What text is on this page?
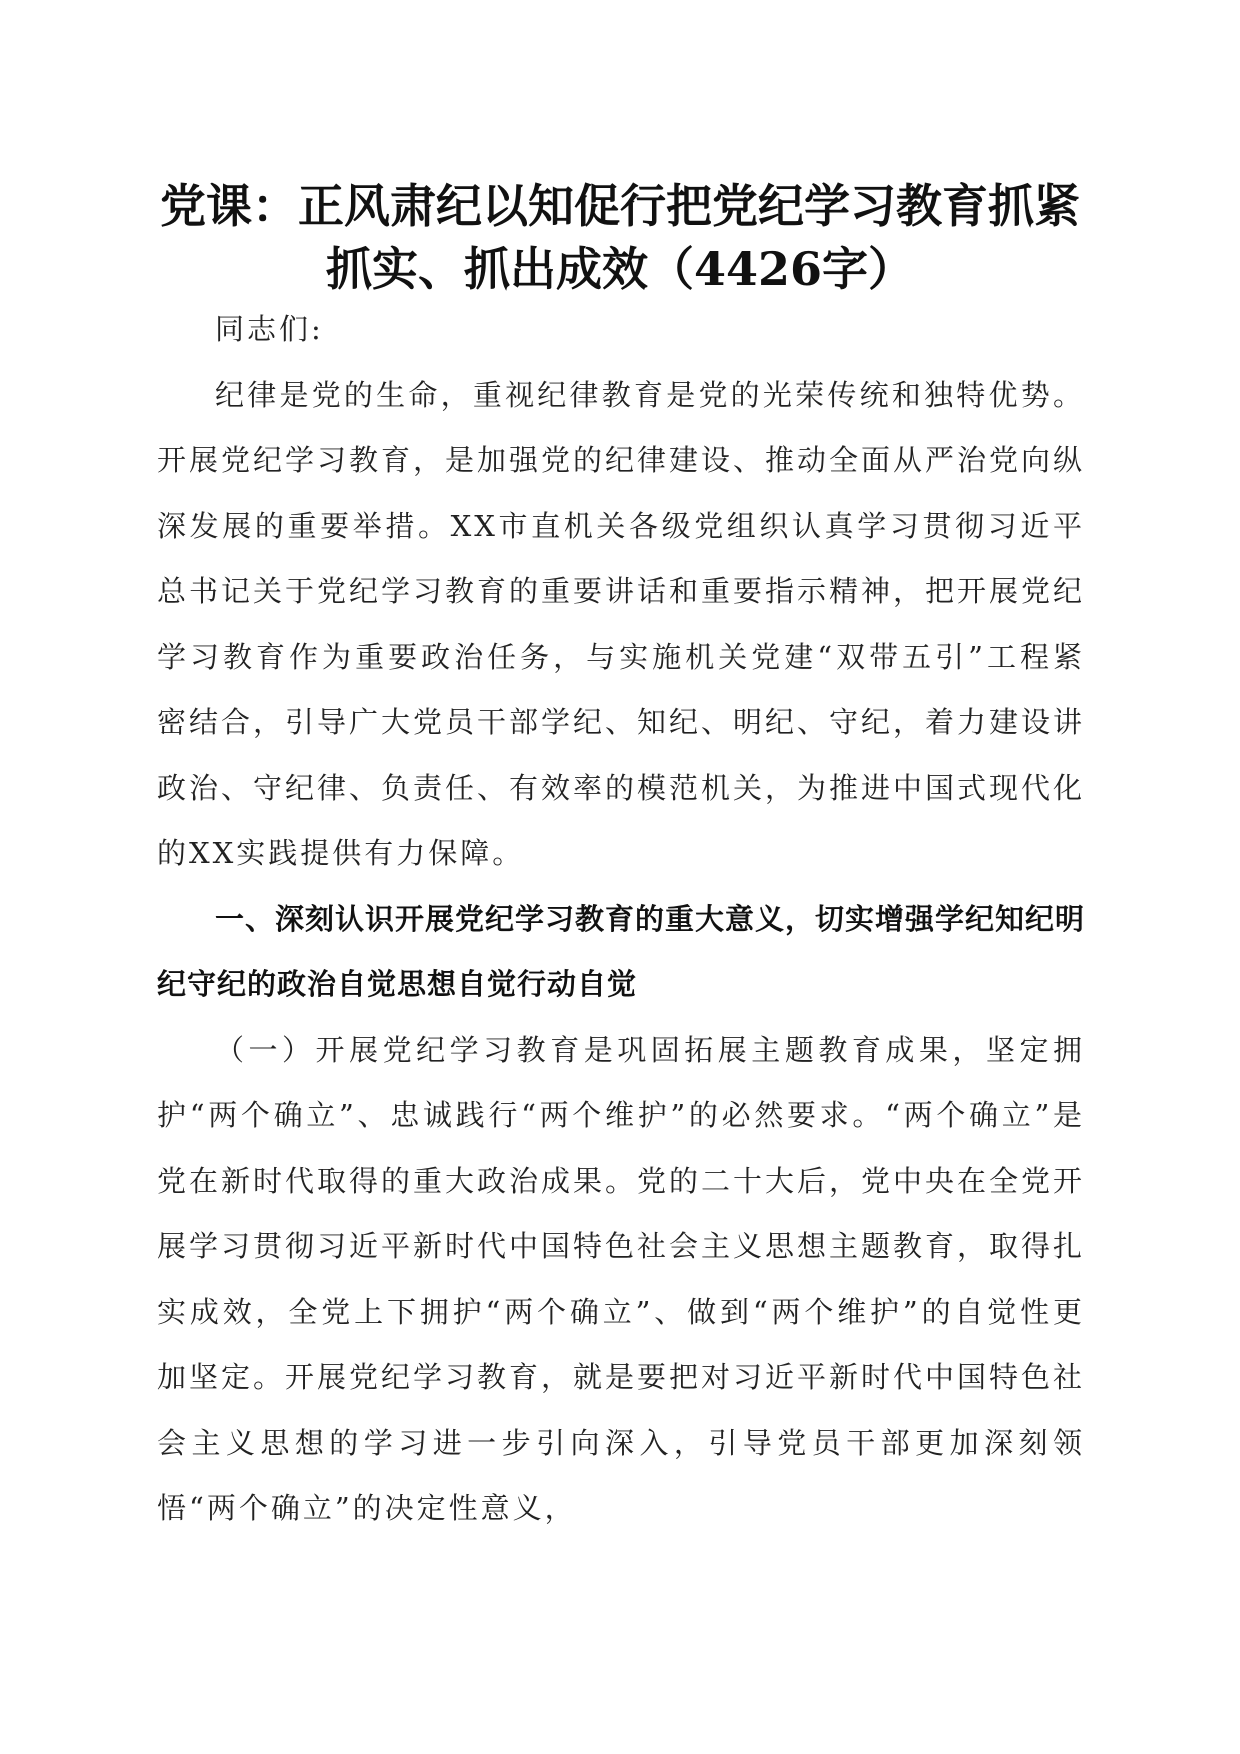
党课：正风肃纪以知促行把党纪学习教育抓紧抓实、抓出成效（4426字）

同志们:

纪律是党的生命，重视纪律教育是党的光荣传统和独特优势。开展党纪学习教育，是加强党的纪律建设、推动全面从严治党向纵深发展的重要举措。XX市直机关各级党组织认真学习贯彻习近平总书记关于党纪学习教育的重要讲话和重要指示精神，把开展党纪学习教育作为重要政治任务，与实施机关党建“双带五引”工程紧密结合，引导广大党员干部学纪、知纪、明纪、守纪，着力建设讲政治、守纪律、负责任、有效率的模范机关，为推进中国式现代化的XX实践提供有力保障。

一、深刻认识开展党纪学习教育的重大意义，切实增强学纪知纪明纪守纪的政治自觉思想自觉行动自觉

（一）开展党纪学习教育是巩固拓展主题教育成果，坚定拥护“两个确立”、忠诚践行“两个维护”的必然要求。“两个确立”是党在新时代取得的重大政治成果。党的二十大后，党中央在全党开展学习贯彻习近平新时代中国特色社会主义思想主题教育，取得扎实成效，全党上下拥护“两个确立”、做到“两个维护”的自觉性更加坚定。开展党纪学习教育，就是要把对习近平新时代中国特色社会主义思想的学习进一步引向深入，引导党员干部更加深刻领悟“两个确立”的决定性意义，
